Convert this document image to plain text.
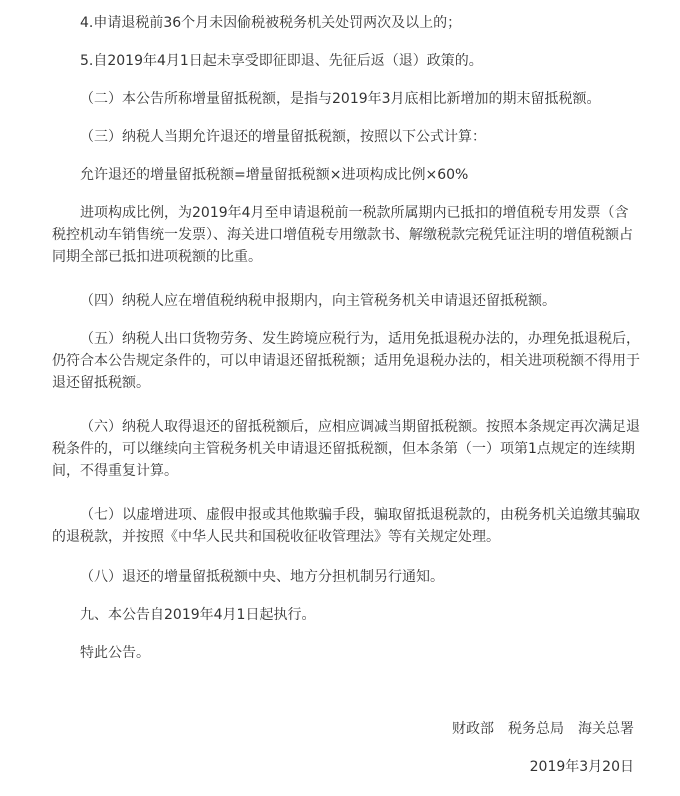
4.申请退税前36个月未因偷税被税务机关处罚两次及以上的；

5.自2019年4月1日起未享受即征即退、先征后返（退）政策的。

（二）本公告所称增量留抵税额，是指与2019年3月底相比新增加的期末留抵税额。

（三）纳税人当期允许退还的增量留抵税额，按照以下公式计算：

允许退还的增量留抵税额=增量留抵税额×进项构成比例×60%

进项构成比例，为2019年4月至申请退税前一税款所属期内已抵扣的增值税专用发票（含税控机动车销售统一发票）、海关进口增值税专用缴款书、解缴税款完税凭证注明的增值税额占同期全部已抵扣进项税额的比重。

（四）纳税人应在增值税纳税申报期内，向主管税务机关申请退还留抵税额。

（五）纳税人出口货物劳务、发生跨境应税行为，适用免抵退税办法的，办理免抵退税后，仍符合本公告规定条件的，可以申请退还留抵税额；适用免退税办法的，相关进项税额不得用于退还留抵税额。

（六）纳税人取得退还的留抵税额后，应相应调减当期留抵税额。按照本条规定再次满足退税条件的，可以继续向主管税务机关申请退还留抵税额，但本条第（一）项第1点规定的连续期间，不得重复计算。

（七）以虚增进项、虚假申报或其他欺骗手段，骗取留抵退税款的，由税务机关追缴其骗取的退税款，并按照《中华人民共和国税收征收管理法》等有关规定处理。

（八）退还的增量留抵税额中央、地方分担机制另行通知。

九、本公告自2019年4月1日起执行。

特此公告。

财政部　税务总局　海关总署

2019年3月20日
